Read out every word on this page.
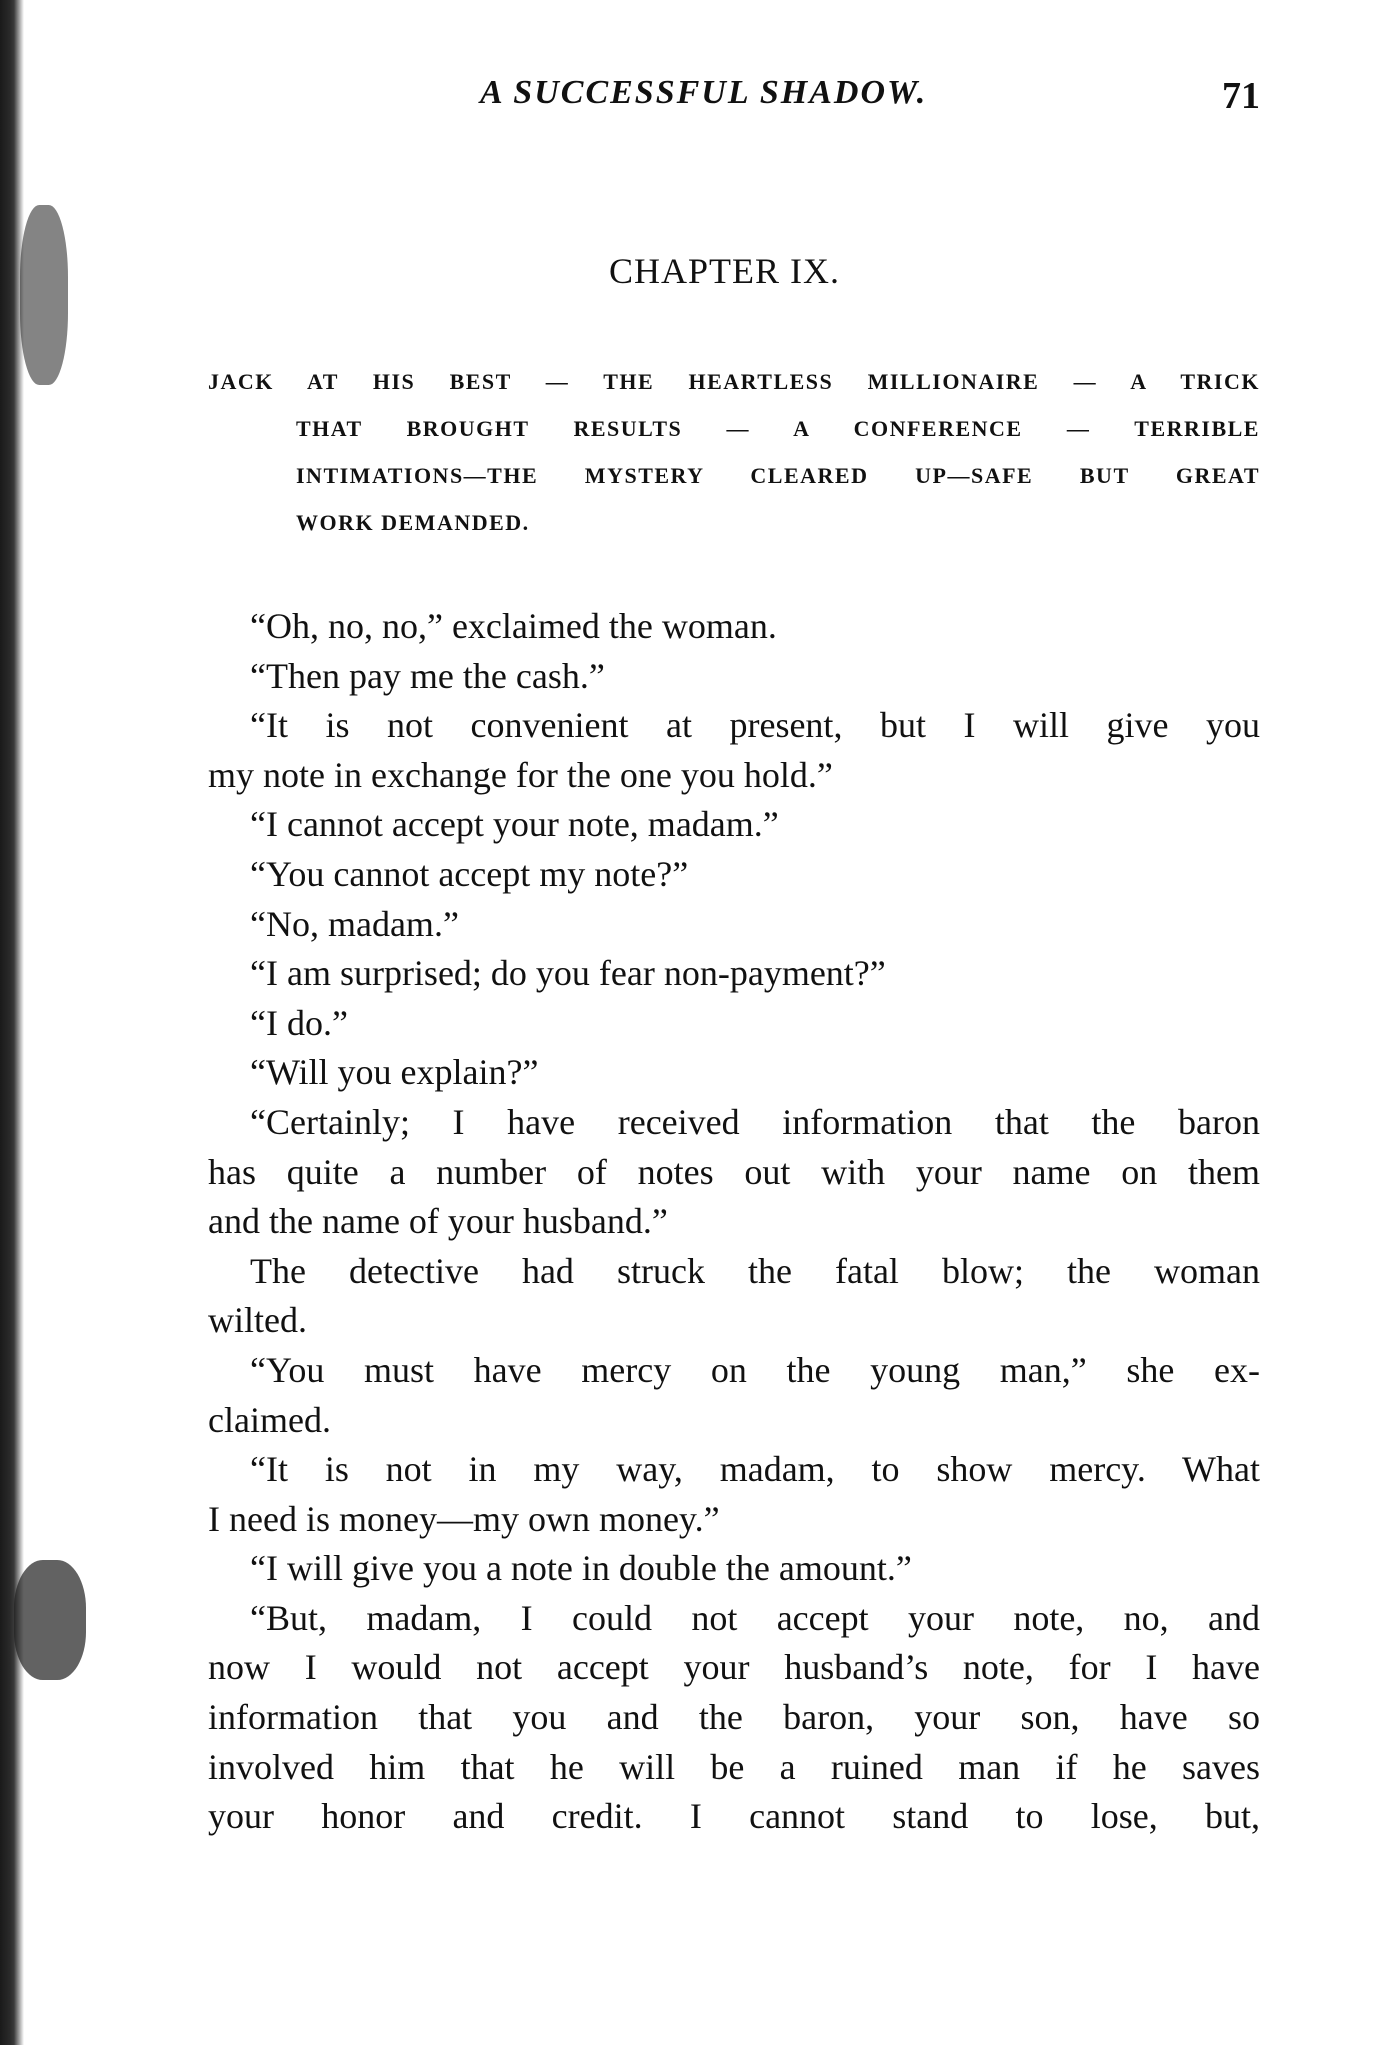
A SUCCESSFUL SHADOW.	71
CHAPTER IX.
JACK AT HIS BEST — THE HEARTLESS MILLIONAIRE — A TRICK
THAT BROUGHT RESULTS — A CONFERENCE — TERRIBLE
INTIMATIONS—THE MYSTERY CLEARED UP—SAFE BUT GREAT
WORK DEMANDED.
“Oh, no, no,” exclaimed the woman.
“Then pay me the cash.”
“It is not convenient at present, but I will give you
my note in exchange for the one you hold.”
“I cannot accept your note, madam.”
“You cannot accept my note?”
“No, madam.”
“I am surprised; do you fear non-payment?”
“I do.”
“Will you explain?”
“Certainly; I have received information that the baron
has quite a number of notes out with your name on them
and the name of your husband.”
The detective had struck the fatal blow; the woman
wilted.
“You must have mercy on the young man,” she ex-
claimed.
“It is not in my way, madam, to show mercy. What
I need is money—my own money.”
“I will give you a note in double the amount.”
“But, madam, I could not accept your note, no, and
now I would not accept your husband’s note, for I have
information that you and the baron, your son, have so
involved him that he will be a ruined man if he saves
your honor and credit. I cannot stand to lose, but,
